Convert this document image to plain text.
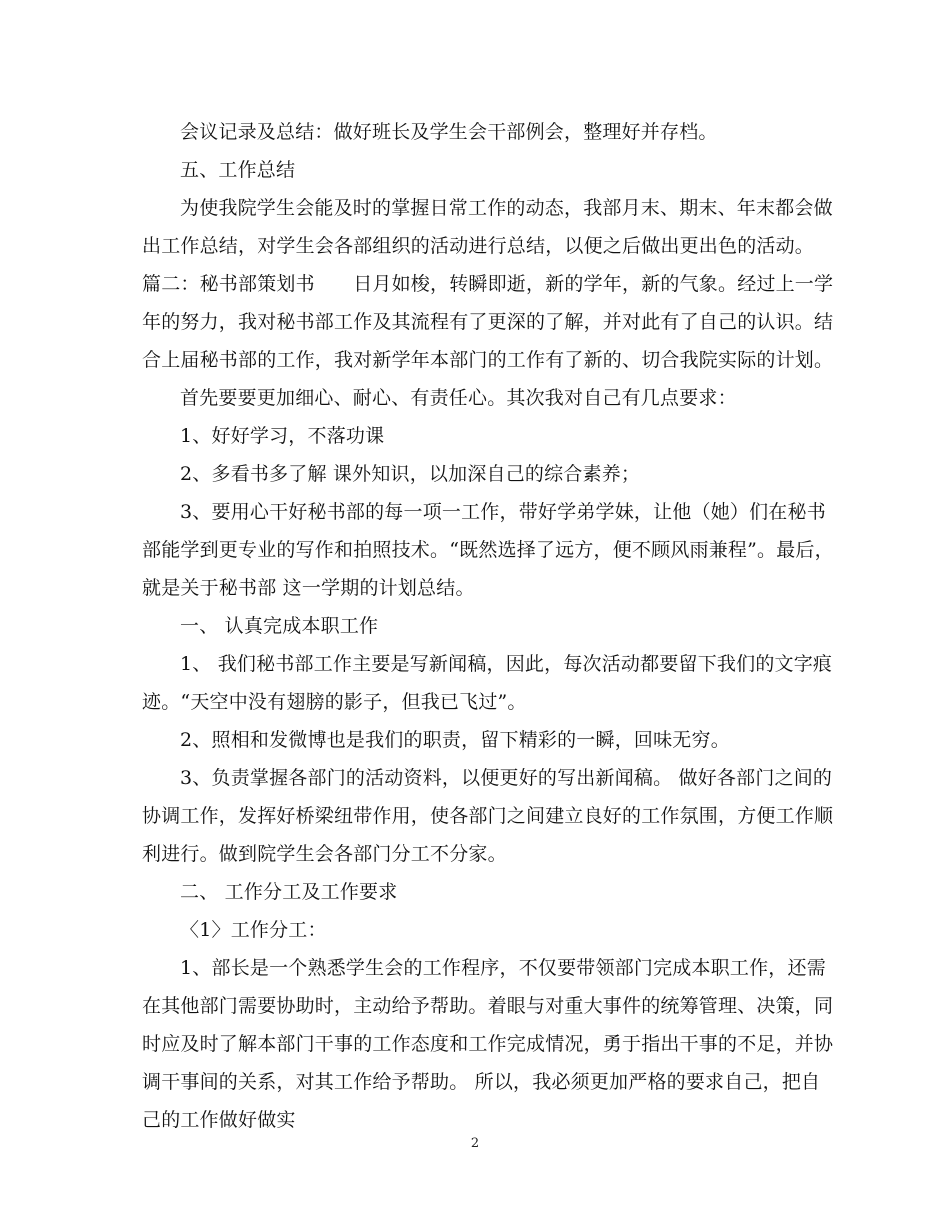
会议记录及总结：做好班长及学生会干部例会，整理好并存档。
五、工作总结
为使我院学生会能及时的掌握日常工作的动态，我部月末、期末、年末都会做
出工作总结，对学生会各部组织的活动进行总结，以便之后做出更出色的活动。
篇二：秘书部策划书　　日月如梭，转瞬即逝，新的学年，新的气象。经过上一学
年的努力，我对秘书部工作及其流程有了更深的了解，并对此有了自己的认识。结
合上届秘书部的工作，我对新学年本部门的工作有了新的、切合我院实际的计划。
首先要要更加细心、耐心、有责任心。其次我对自己有几点要求：
1、好好学习，不落功课
2、多看书多了解 课外知识，以加深自己的综合素养；
3、要用心干好秘书部的每一项一工作，带好学弟学妹，让他（她）们在秘书
部能学到更专业的写作和拍照技术。“既然选择了远方，便不顾风雨兼程”。最后，
就是关于秘书部 这一学期的计划总结。
一、 认真完成本职工作
1、 我们秘书部工作主要是写新闻稿，因此，每次活动都要留下我们的文字痕
迹。“天空中没有翅膀的影子，但我已飞过”。
2、照相和发微博也是我们的职责，留下精彩的一瞬，回味无穷。
3、负责掌握各部门的活动资料，以便更好的写出新闻稿。 做好各部门之间的
协调工作，发挥好桥梁纽带作用，使各部门之间建立良好的工作氛围，方便工作顺
利进行。做到院学生会各部门分工不分家。
二、 工作分工及工作要求
〈1〉工作分工：
1、部长是一个熟悉学生会的工作程序，不仅要带领部门完成本职工作，还需
在其他部门需要协助时，主动给予帮助。着眼与对重大事件的统筹管理、决策，同
时应及时了解本部门干事的工作态度和工作完成情况，勇于指出干事的不足，并协
调干事间的关系，对其工作给予帮助。 所以，我必须更加严格的要求自己，把自
己的工作做好做实
2
